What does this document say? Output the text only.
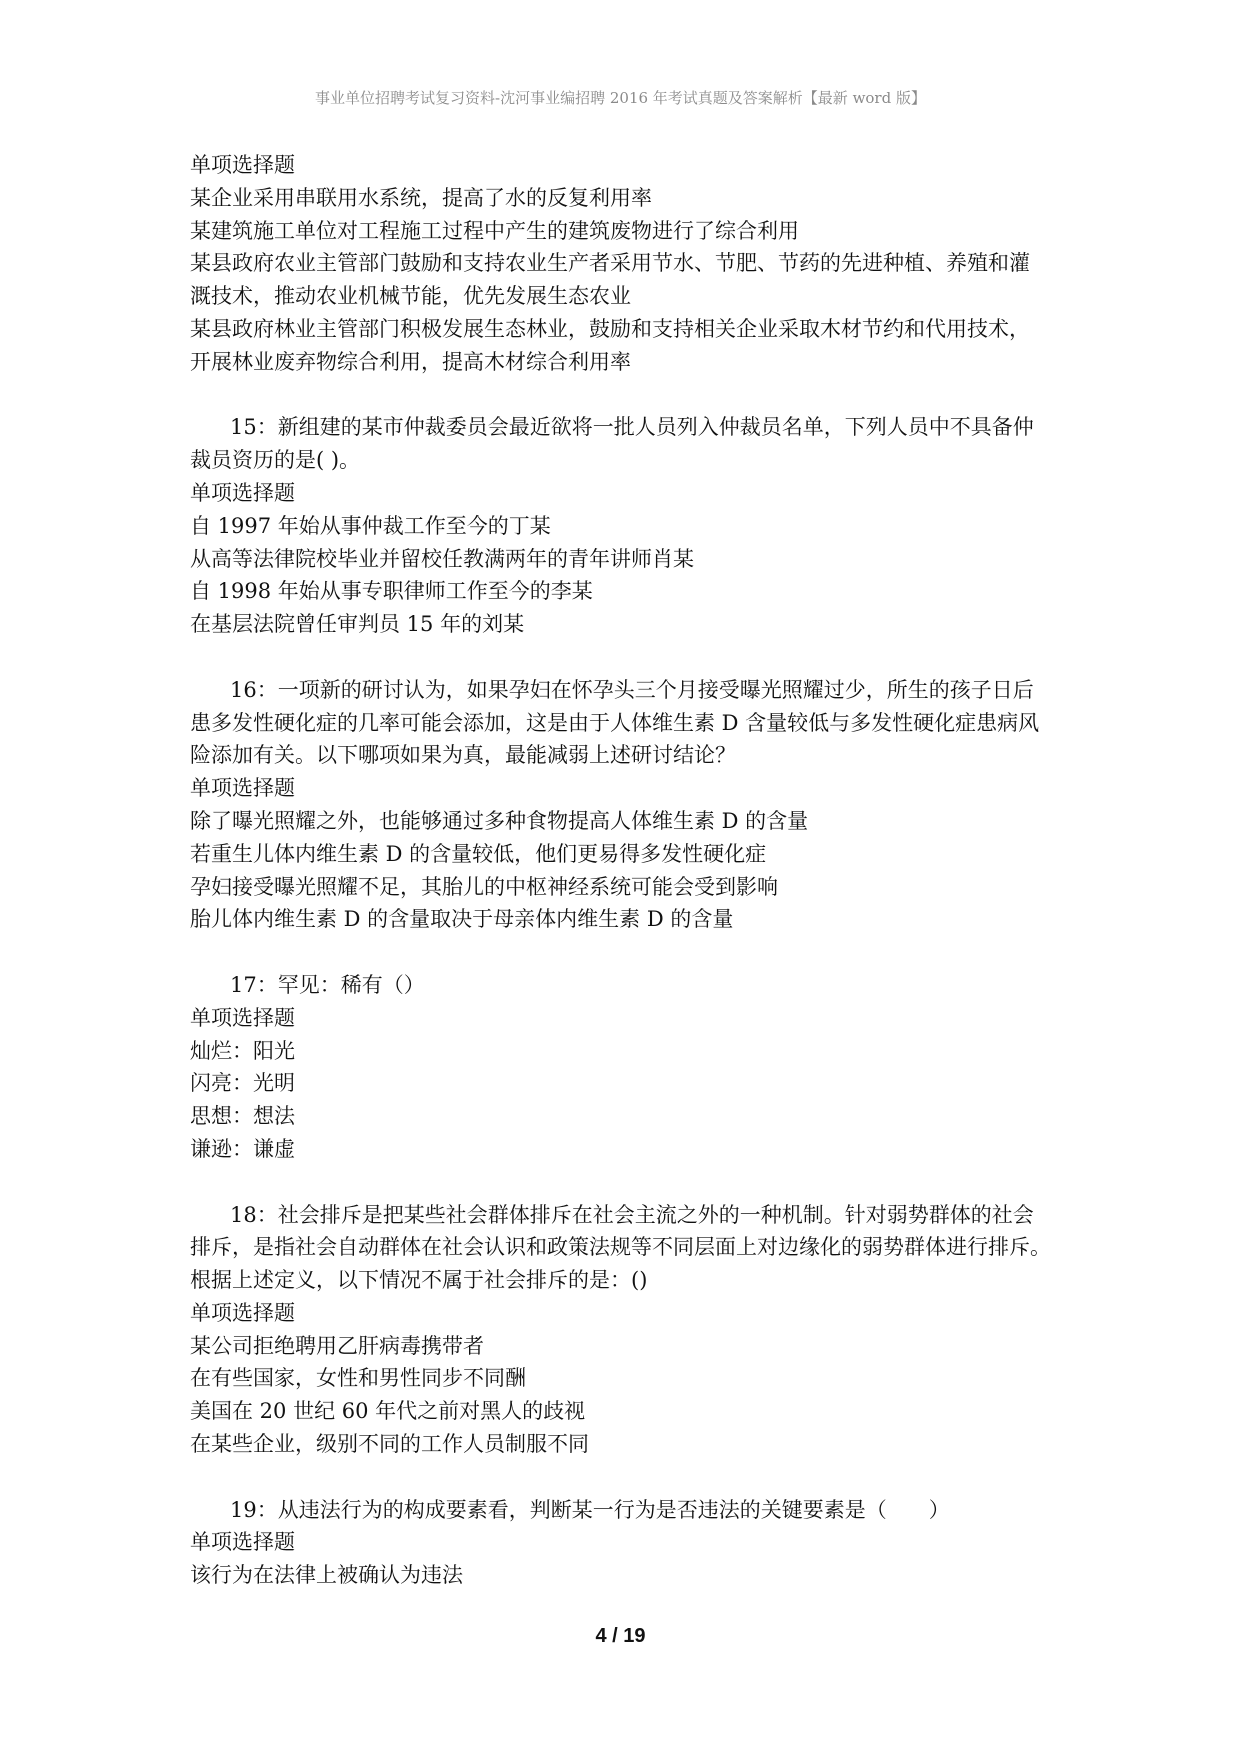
事业单位招聘考试复习资料-沈河事业编招聘 2016 年考试真题及答案解析【最新 word 版】
单项选择题
某企业采用串联用水系统，提高了水的反复利用率
某建筑施工单位对工程施工过程中产生的建筑废物进行了综合利用
某县政府农业主管部门鼓励和支持农业生产者采用节水、节肥、节药的先进种植、养殖和灌
溉技术，推动农业机械节能，优先发展生态农业
某县政府林业主管部门积极发展生态林业，鼓励和支持相关企业采取木材节约和代用技术，
开展林业废弃物综合利用，提高木材综合利用率
15：新组建的某市仲裁委员会最近欲将一批人员列入仲裁员名单，下列人员中不具备仲
裁员资历的是( )。
单项选择题
自 1997 年始从事仲裁工作至今的丁某
从高等法律院校毕业并留校任教满两年的青年讲师肖某
自 1998 年始从事专职律师工作至今的李某
在基层法院曾任审判员 15 年的刘某
16：一项新的研讨认为，如果孕妇在怀孕头三个月接受曝光照耀过少，所生的孩子日后
患多发性硬化症的几率可能会添加，这是由于人体维生素 D 含量较低与多发性硬化症患病风
险添加有关。以下哪项如果为真，最能减弱上述研讨结论？
单项选择题
除了曝光照耀之外，也能够通过多种食物提高人体维生素 D 的含量
若重生儿体内维生素 D 的含量较低，他们更易得多发性硬化症
孕妇接受曝光照耀不足，其胎儿的中枢神经系统可能会受到影响
胎儿体内维生素 D 的含量取决于母亲体内维生素 D 的含量
17：罕见：稀有（）
单项选择题
灿烂：阳光
闪亮：光明
思想：想法
谦逊：谦虚
18：社会排斥是把某些社会群体排斥在社会主流之外的一种机制。针对弱势群体的社会
排斥，是指社会自动群体在社会认识和政策法规等不同层面上对边缘化的弱势群体进行排斥。
根据上述定义，以下情况不属于社会排斥的是：()
单项选择题
某公司拒绝聘用乙肝病毒携带者
在有些国家，女性和男性同步不同酬
美国在 20 世纪 60 年代之前对黑人的歧视
在某些企业，级别不同的工作人员制服不同
19：从违法行为的构成要素看，判断某一行为是否违法的关键要素是（　　）
单项选择题
该行为在法律上被确认为违法
4 / 19
